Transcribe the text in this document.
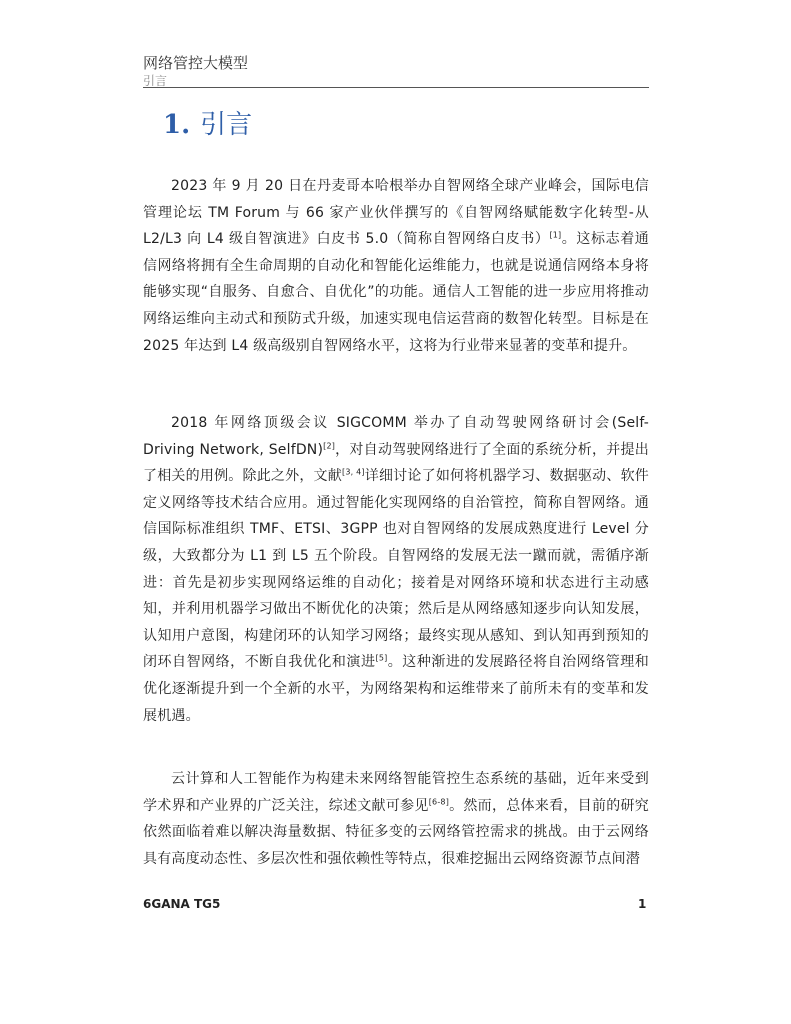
网络管控大模型
引言
1. 引言

2023 年 9 月 20 日在丹麦哥本哈根举办自智网络全球产业峰会，国际电信管理论坛 TM Forum 与 66 家产业伙伴撰写的《自智网络赋能数字化转型-从 L2/L3 向 L4 级自智演进》白皮书 5.0（简称自智网络白皮书）[1]。这标志着通信网络将拥有全生命周期的自动化和智能化运维能力，也就是说通信网络本身将能够实现“自服务、自愈合、自优化”的功能。通信人工智能的进一步应用将推动网络运维向主动式和预防式升级，加速实现电信运营商的数智化转型。目标是在 2025 年达到 L4 级高级别自智网络水平，这将为行业带来显著的变革和提升。

2018 年网络顶级会议 SIGCOMM 举办了自动驾驶网络研讨会(Self-Driving Network, SelfDN)[2]，对自动驾驶网络进行了全面的系统分析，并提出了相关的用例。除此之外，文献[3, 4]详细讨论了如何将机器学习、数据驱动、软件定义网络等技术结合应用。通过智能化实现网络的自治管控，简称自智网络。通信国际标准组织 TMF、ETSI、3GPP 也对自智网络的发展成熟度进行 Level 分级，大致都分为 L1 到 L5 五个阶段。自智网络的发展无法一蹴而就，需循序渐进：首先是初步实现网络运维的自动化；接着是对网络环境和状态进行主动感知，并利用机器学习做出不断优化的决策；然后是从网络感知逐步向认知发展，认知用户意图，构建闭环的认知学习网络；最终实现从感知、到认知再到预知的闭环自智网络，不断自我优化和演进[5]。这种渐进的发展路径将自治网络管理和优化逐渐提升到一个全新的水平，为网络架构和运维带来了前所未有的变革和发展机遇。

云计算和人工智能作为构建未来网络智能管控生态系统的基础，近年来受到学术界和产业界的广泛关注，综述文献可参见[6-8]。然而，总体来看，目前的研究依然面临着难以解决海量数据、特征多变的云网络管控需求的挑战。由于云网络具有高度动态性、多层次性和强依赖性等特点，很难挖掘出云网络资源节点间潜

6GANA TG5	1
